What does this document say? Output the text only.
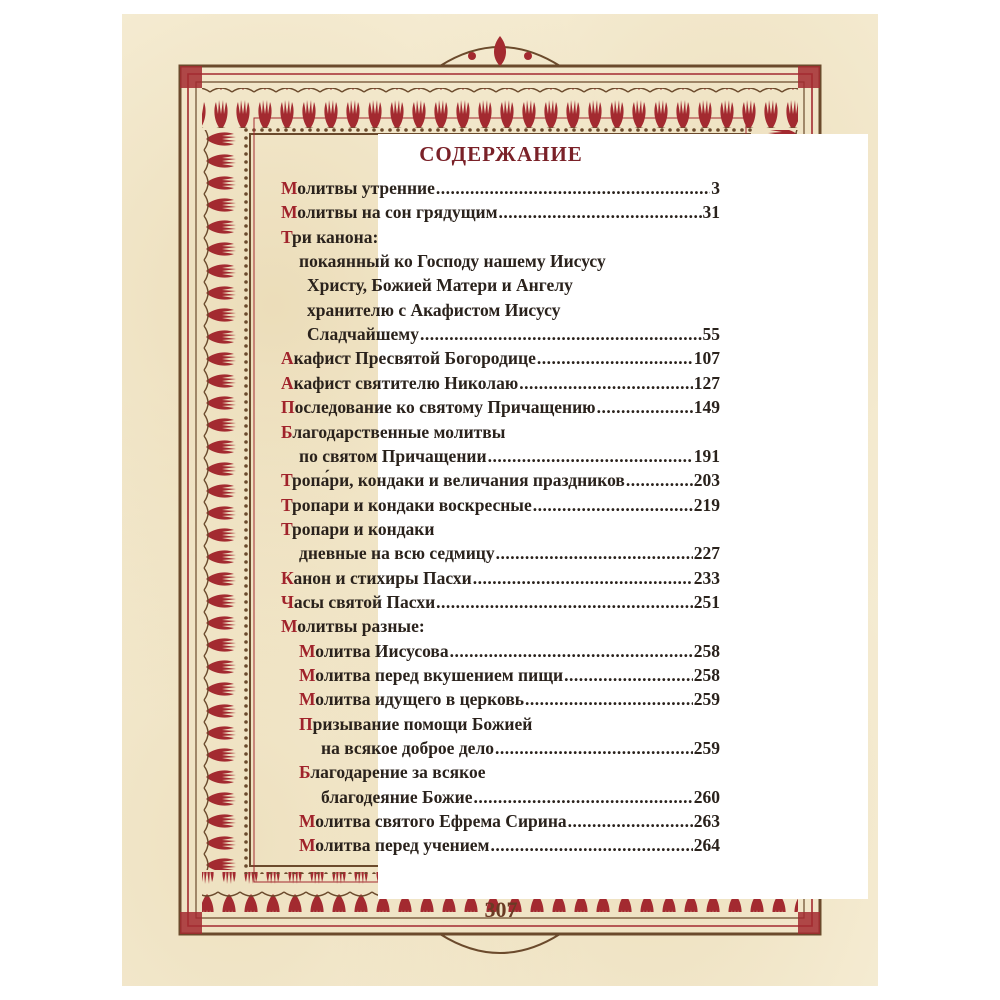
СОДЕРЖАНИЕ
Молитвы утренние .....	3
Молитвы на сон грядущим .....	31
Три канона:
покаянный ко Господу нашему Иисусу
Христу, Божией Матери и Ангелу
хранителю с Акафистом Иисусу
Сладчайшему .....	55
Акафист Пресвятой Богородице .....	107
Акафист святителю Николаю .....	127
Последование ко святому Причащению .....	149
Благодарственные молитвы
по святом Причащении .....	191
Тропа́ри, кондаки и величания праздников .....	203
Тропари и кондаки воскресные .....	219
Тропари и кондаки
дневные на всю седмицу .....	227
Канон и стихиры Пасхи .....	233
Часы святой Пасхи .....	251
Молитвы разные:
Молитва Иисусова .....	258
Молитва перед вкушением пищи .....	258
Молитва идущего в церковь .....	259
Призывание помощи Божией
на всякое доброе дело .....	259
Благодарение за всякое
благодеяние Божие .....	260
Молитва святого Ефрема Сирина .....	263
Молитва перед учением .....	264
307
